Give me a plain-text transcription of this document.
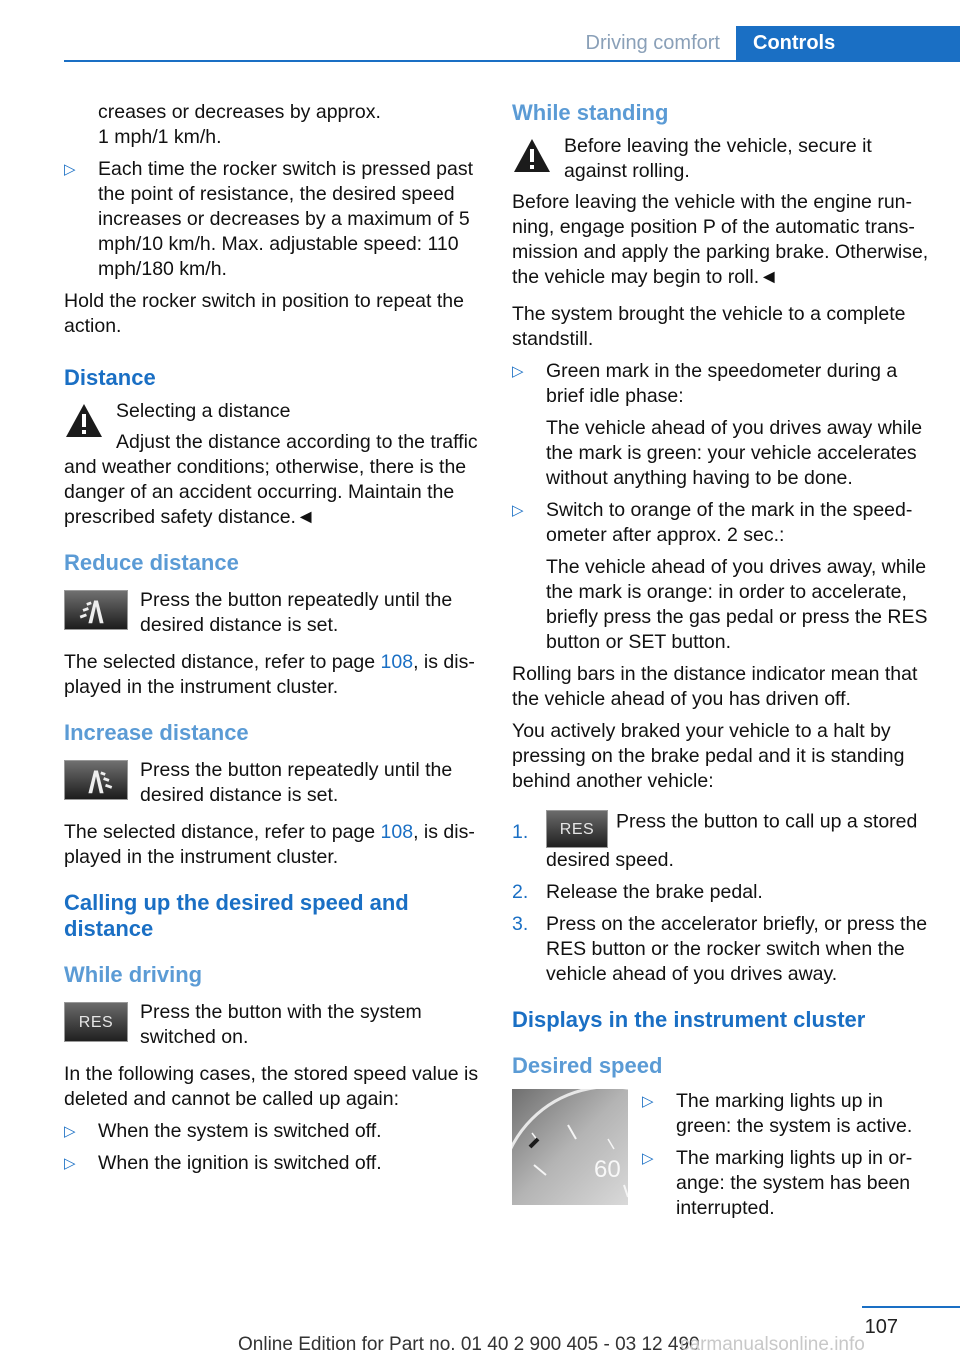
Driving comfort	Controls

creases or decreases by approx.
1 mph/1 km/h.

▷ Each time the rocker switch is pressed past the point of resistance, the desired speed increases or decreases by a maximum of 5 mph/10 km/h. Max. adjustable speed: 110 mph/180 km/h.

Hold the rocker switch in position to repeat the action.

Distance
Selecting a distance
Adjust the distance according to the traffic

and weather conditions; otherwise, there is the danger of an accident occurring. Maintain the prescribed safety distance.◄

Reduce distance
Press the button repeatedly until the desired distance is set.

The selected distance, refer to page 108, is dis‐played in the instrument cluster.

Increase distance
Press the button repeatedly until the desired distance is set.

The selected distance, refer to page 108, is dis‐played in the instrument cluster.

Calling up the desired speed and distance
While driving
RES	Press the button with the system switched on.

In the following cases, the stored speed value is deleted and cannot be called up again:

▷ When the system is switched off.
▷ When the ignition is switched off.
While standing
Before leaving the vehicle, secure it against rolling.

Before leaving the vehicle with the engine run‐ning, engage position P of the automatic trans‐mission and apply the parking brake. Otherwise, the vehicle may begin to roll.◄

The system brought the vehicle to a complete standstill.

▷ Green mark in the speedometer during a brief idle phase:

The vehicle ahead of you drives away while the mark is green: your vehicle accelerates without anything having to be done.

▷ Switch to orange of the mark in the speed‐ometer after approx. 2 sec.:

The vehicle ahead of you drives away, while the mark is orange: in order to accelerate, briefly press the gas pedal or press the RES button or SET button.

Rolling bars in the distance indicator mean that the vehicle ahead of you has driven off.

You actively braked your vehicle to a halt by pressing on the brake pedal and it is standing behind another vehicle:

1. RES Press the button to call up a stored desired speed.
2. Release the brake pedal.
3. Press on the accelerator briefly, or press the RES button or the rocker switch when the vehicle ahead of you drives away.
Displays in the instrument cluster
Desired speed
60
▷ The marking lights up in green: the system is active.
▷ The marking lights up in or‐ange: the system has been interrupted.
107
Online Edition for Part no. 01 40 2 900 405 - 03 12 490
carmanualsonline.info
